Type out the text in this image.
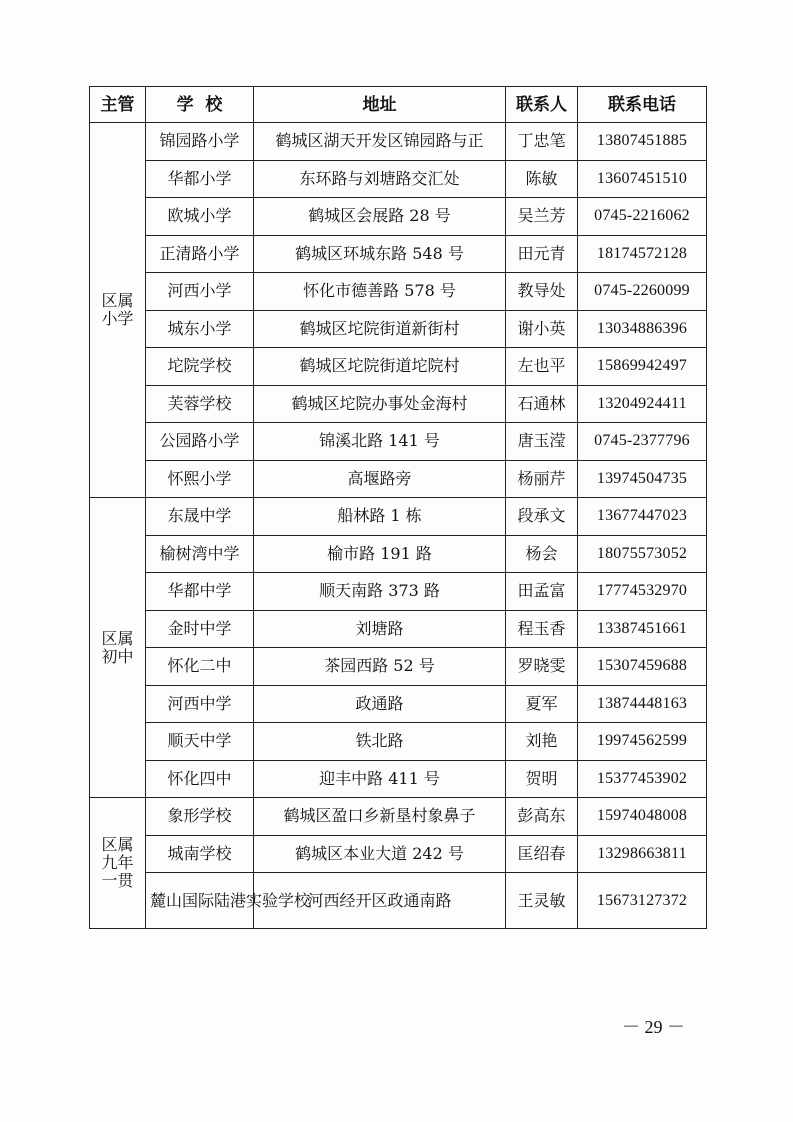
主管	学  校	地址	联系人	联系电话

区属
小学	锦园路小学	鹤城区湖天开发区锦园路与正	丁忠笔	13807451885
	华都小学	东环路与刘塘路交汇处	陈敏	13607451510
	欧城小学	鹤城区会展路 28 号	吴兰芳	0745-2216062
	正清路小学	鹤城区环城东路 548 号	田元青	18174572128
	河西小学	怀化市德善路 578 号	教导处	0745-2260099
	城东小学	鹤城区坨院街道新街村	谢小英	13034886396
	坨院学校	鹤城区坨院街道坨院村	左也平	15869942497
	芙蓉学校	鹤城区坨院办事处金海村	石通林	13204924411
	公园路小学	锦溪北路 141 号	唐玉滢	0745-2377796
	怀熙小学	高堰路旁	杨丽芹	13974504735

区属
初中	东晟中学	船林路 1 栋	段承文	13677447023
	榆树湾中学	榆市路 191 路	杨会	18075573052
	华都中学	顺天南路 373 路	田孟富	17774532970
	金时中学	刘塘路	程玉香	13387451661
	怀化二中	茶园西路 52 号	罗晓雯	15307459688
	河西中学	政通路	夏军	13874448163
	顺天中学	铁北路	刘艳	19974562599
	怀化四中	迎丰中路 411 号	贺明	15377453902

区属
九年
一贯	象形学校	鹤城区盈口乡新垦村象鼻子	彭高东	15974048008
	城南学校	鹤城区本业大道 242 号	匡绍春	13298663811
	麓山国际陆港实验学校	河西经开区政通南路	王灵敏	15673127372
－ 29 －
